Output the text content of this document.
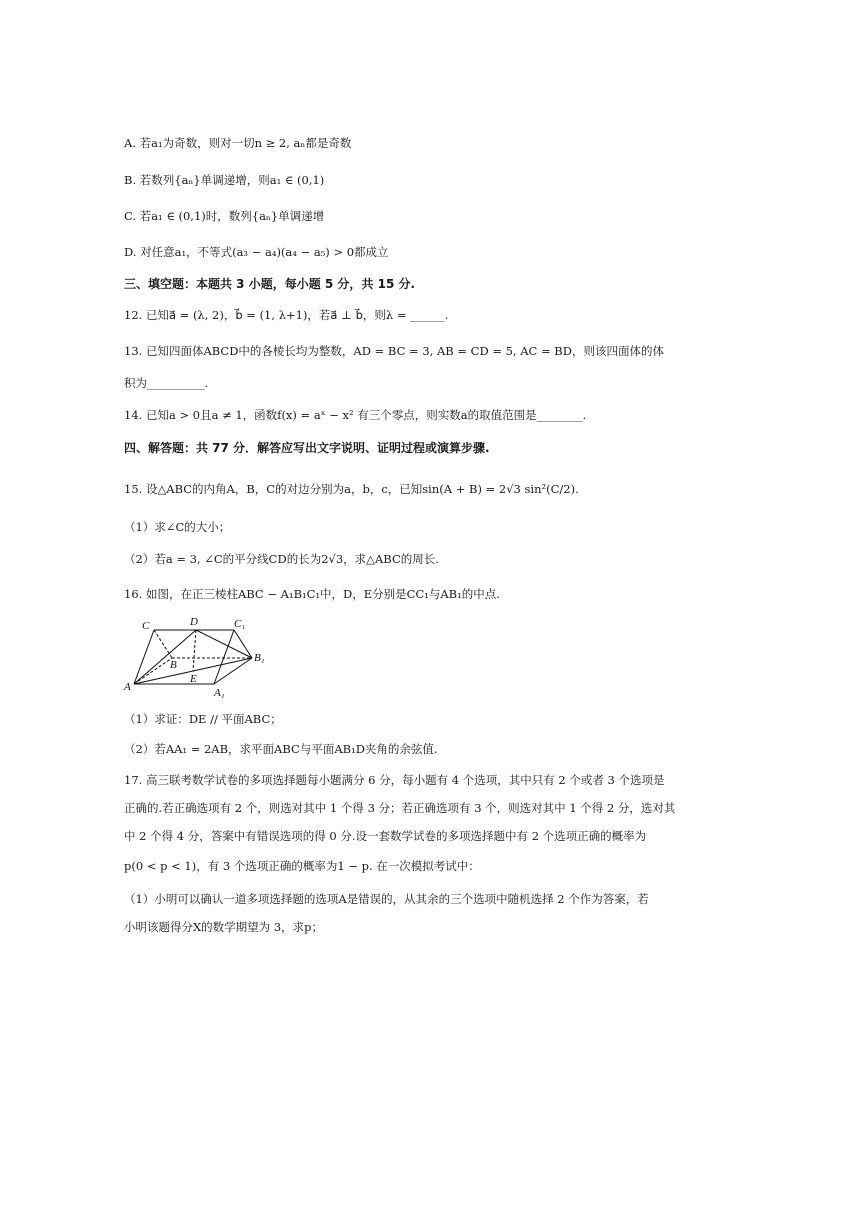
A. 若a₁为奇数，则对一切n ≥ 2, aₙ都是奇数
B. 若数列{aₙ}单调递增，则a₁ ∈ (0,1)
C. 若a₁ ∈ (0,1)时，数列{aₙ}单调递增
D. 对任意a₁，不等式(a₃ − a₄)(a₄ − a₅) > 0都成立
三、填空题：本题共 3 小题，每小题 5 分，共 15 分.
12. 已知a⃗ = (λ, 2)，b⃗ = (1, λ+1)，若a⃗ ⊥ b⃗，则λ = ______.
13. 已知四面体ABCD中的各棱长均为整数，AD = BC = 3, AB = CD = 5, AC = BD，则该四面体的体
积为__________.
14. 已知a > 0且a ≠ 1，函数f(x) = aˣ − x² 有三个零点，则实数a的取值范围是________.
四、解答题：共 77 分．解答应写出文字说明、证明过程或演算步骤.
15. 设△ABC的内角A，B，C的对边分别为a，b，c，已知sin(A + B) = 2√3 sin²(C/2).
（1）求∠C的大小；
（2）若a = 3, ∠C的平分线CD的长为2√3，求△ABC的周长.
16. 如图，在正三棱柱ABC − A₁B₁C₁中，D，E分别是CC₁与AB₁的中点.
（1）求证：DE // 平面ABC；
（2）若AA₁ = 2AB，求平面ABC与平面AB₁D夹角的余弦值.
17. 高三联考数学试卷的多项选择题每小题满分 6 分，每小题有 4 个选项，其中只有 2 个或者 3 个选项是
正确的.若正确选项有 2 个，则选对其中 1 个得 3 分；若正确选项有 3 个，则选对其中 1 个得 2 分，选对其
中 2 个得 4 分，答案中有错误选项的得 0 分.设一套数学试卷的多项选择题中有 2 个选项正确的概率为
p(0 < p < 1)，有 3 个选项正确的概率为1 − p. 在一次模拟考试中：
（1）小明可以确认一道多项选择题的选项A是错误的，从其余的三个选项中随机选择 2 个作为答案，若
小明该题得分X的数学期望为 3，求p；
C	D	C₁
B
B₁
A
E
A₁
